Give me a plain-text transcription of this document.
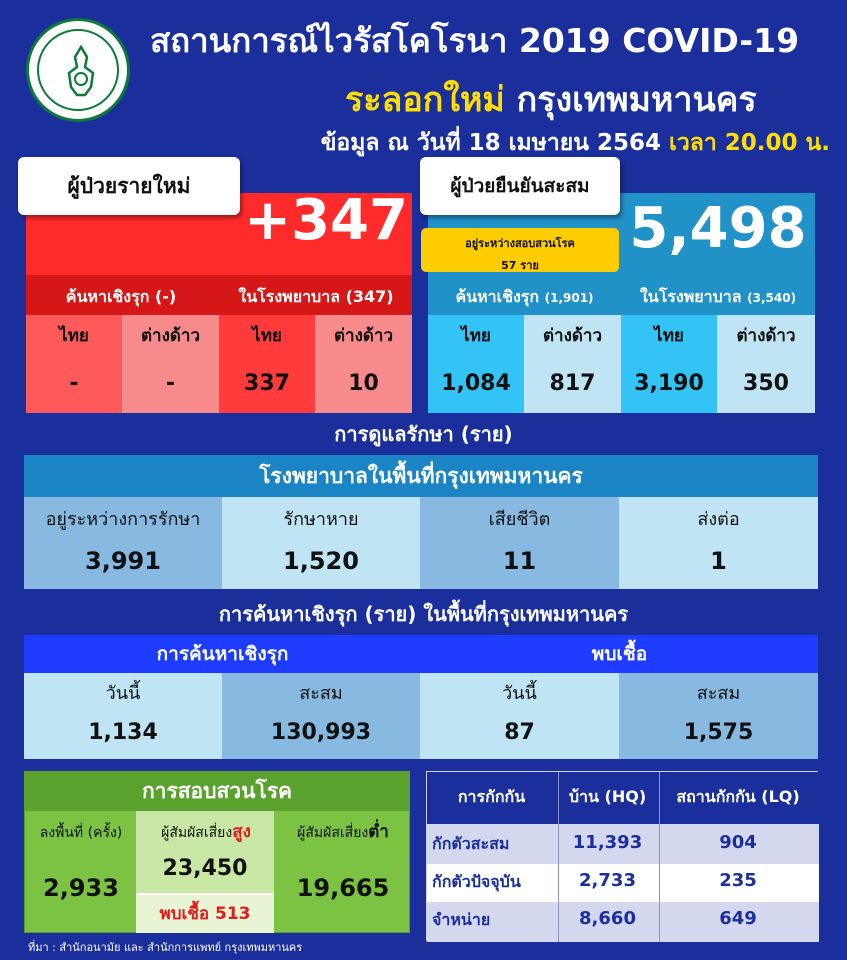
สถานการณ์ไวรัสโคโรนา 2019 COVID-19
ระลอกใหม่ กรุงเทพมหานคร
ข้อมูล ณ วันที่ 18 เมษายน 2564 เวลา 20.00 น.
ค้นหาเชิงรุก (-)	ในโรงพยาบาล (347)
ผู้ป่วยรายใหม่
+347
ไทย	ต่างด้าว	ไทย	ต่างด้าว
-	-	337	10
ผู้ป่วยยืนยันสะสม
อยู่ระหว่างสอบสวนโรค
57 ราย
5,498
ค้นหาเชิงรุก (1,901)	ในโรงพยาบาล (3,540)
ไทย	ต่างด้าว	ไทย	ต่างด้าว
1,084	817	3,190	350
การดูแลรักษา (ราย)
โรงพยาบาลในพื้นที่กรุงเทพมหานคร
อยู่ระหว่างการรักษา	รักษาหาย	เสียชีวิต	ส่งต่อ
3,991	1,520	11	1
การค้นหาเชิงรุก (ราย) ในพื้นที่กรุงเทพมหานคร
การค้นหาเชิงรุก	พบเชื้อ
วันนี้	สะสม	วันนี้	สะสม
1,134	130,993	87	1,575
การสอบสวนโรค
ลงพื้นที่ (ครั้ง)
2,933
ผู้สัมผัสเสี่ยงสูง
23,450
พบเชื้อ 513
ผู้สัมผัสเสี่ยงต่ำ
19,665
การกักกัน	บ้าน (HQ)	สถานกักกัน (LQ)
กักตัวสะสม	11,393	904
กักตัวปัจจุบัน	2,733	235
จำหน่าย	8,660	649
ที่มา : สำนักอนามัย และ สำนักการแพทย์ กรุงเทพมหานคร
